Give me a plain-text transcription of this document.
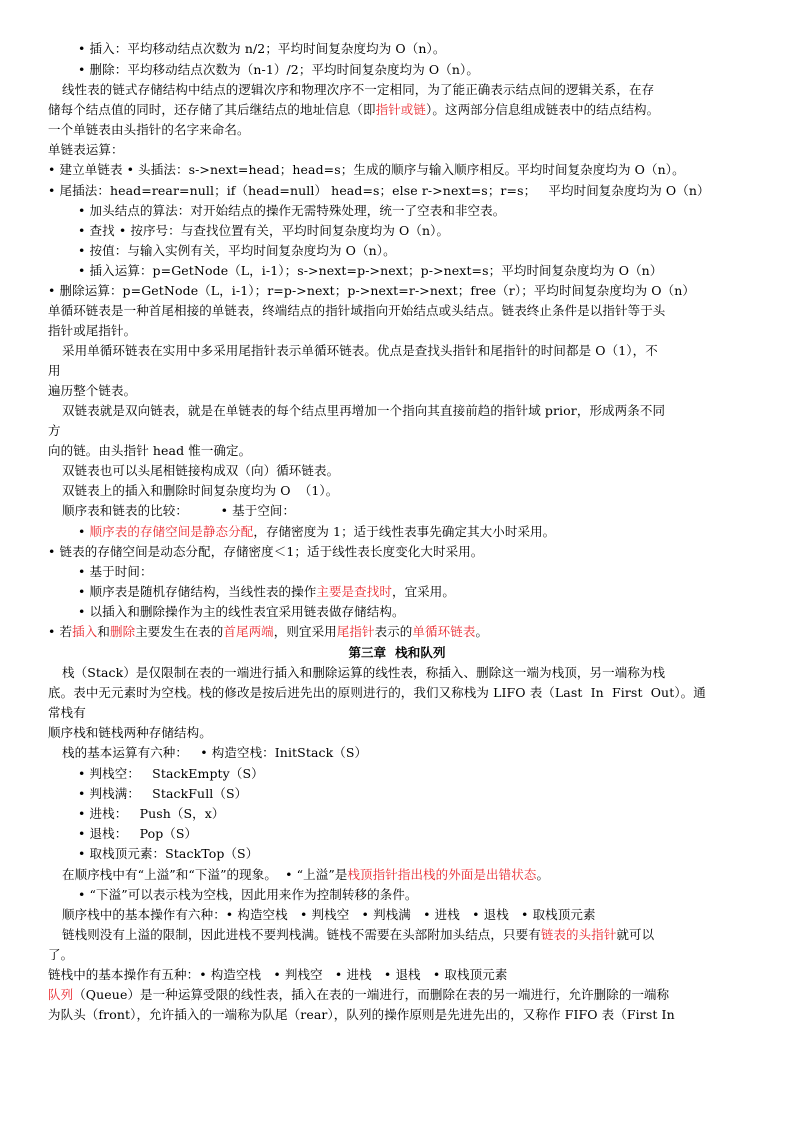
• 插入：平均移动结点次数为 n/2；平均时间复杂度均为 O（n）。
• 删除：平均移动结点次数为（n-1）/2；平均时间复杂度均为 O（n）。
线性表的链式存储结构中结点的逻辑次序和物理次序不一定相同，为了能正确表示结点间的逻辑关系，在存
储每个结点值的同时，还存储了其后继结点的地址信息（即指针或链）。这两部分信息组成链表中的结点结构。
一个单链表由头指针的名字来命名。
单链表运算：
• 建立单链表 • 头插法：s->next=head；head=s；生成的顺序与输入顺序相反。平均时间复杂度均为 O（n）。
• 尾插法：head=rear=null；if（head=null） head=s；else r->next=s；r=s；   平均时间复杂度均为 O（n）
• 加头结点的算法：对开始结点的操作无需特殊处理，统一了空表和非空表。
• 查找 • 按序号：与查找位置有关，平均时间复杂度均为 O（n）。
• 按值：与输入实例有关，平均时间复杂度均为 O（n）。
• 插入运算：p=GetNode（L，i-1）；s->next=p->next；p->next=s；平均时间复杂度均为 O（n）
• 删除运算：p=GetNode（L，i-1）；r=p->next；p->next=r->next；free（r）；平均时间复杂度均为 O（n）
单循环链表是一种首尾相接的单链表，终端结点的指针域指向开始结点或头结点。链表终止条件是以指针等于头
指针或尾指针。
采用单循环链表在实用中多采用尾指针表示单循环链表。优点是查找头指针和尾指针的时间都是 O（1），不
用
遍历整个链表。
双链表就是双向链表，就是在单链表的每个结点里再增加一个指向其直接前趋的指针域 prior，形成两条不同
方
向的链。由头指针 head 惟一确定。
双链表也可以头尾相链接构成双（向）循环链表。
双链表上的插入和删除时间复杂度均为 O  （1）。
顺序表和链表的比较：        • 基于空间：
• 顺序表的存储空间是静态分配，存储密度为 1；适于线性表事先确定其大小时采用。
• 链表的存储空间是动态分配，存储密度＜1；适于线性表长度变化大时采用。
• 基于时间：
• 顺序表是随机存储结构，当线性表的操作主要是查找时，宜采用。
• 以插入和删除操作为主的线性表宜采用链表做存储结构。
• 若插入和删除主要发生在表的首尾两端，则宜采用尾指针表示的单循环链表。
第三章  栈和队列
栈（Stack）是仅限制在表的一端进行插入和删除运算的线性表，称插入、删除这一端为栈顶，另一端称为栈
底。表中无元素时为空栈。栈的修改是按后进先出的原则进行的，我们又称栈为 LIFO 表（Last  In  First  Out）。通
常栈有
顺序栈和链栈两种存储结构。
栈的基本运算有六种：   • 构造空栈：InitStack（S）
• 判栈空：   StackEmpty（S）
• 判栈满：   StackFull（S）
• 进栈：   Push（S，x）
• 退栈：   Pop（S）
• 取栈顶元素：StackTop（S）
在顺序栈中有“上溢”和“下溢”的现象。  • “上溢”是栈顶指针指出栈的外面是出错状态。
• “下溢”可以表示栈为空栈，因此用来作为控制转移的条件。
顺序栈中的基本操作有六种：• 构造空栈   • 判栈空   • 判栈满   • 进栈   • 退栈   • 取栈顶元素
链栈则没有上溢的限制，因此进栈不要判栈满。链栈不需要在头部附加头结点，只要有链表的头指针就可以
了。
链栈中的基本操作有五种：• 构造空栈   • 判栈空   • 进栈   • 退栈   • 取栈顶元素
队列（Queue）是一种运算受限的线性表，插入在表的一端进行，而删除在表的另一端进行，允许删除的一端称
为队头（front），允许插入的一端称为队尾（rear），队列的操作原则是先进先出的，又称作 FIFO 表（First In
